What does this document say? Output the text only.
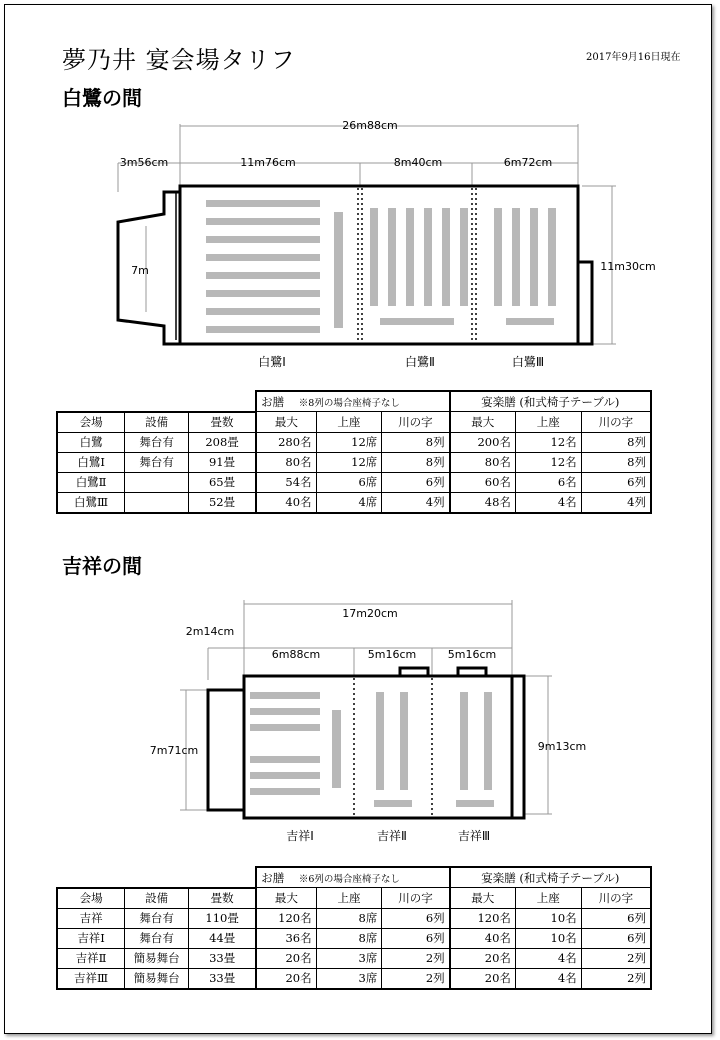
夢乃井 宴会場タリフ	2017年9月16日現在
白鷺の間
26m88cm
3m56cm	11m76cm	8m40cm	6m72cm
7m	11m30cm
白鷺Ⅰ	白鷺Ⅱ	白鷺Ⅲ
			お膳 ※8列の場合座椅子なし			宴楽膳 (和式椅子テーブル)		
会場	設備	畳数	最大	上座	川の字	最大	上座	川の字
白鷺	舞台有	208畳	280名	12席	8列	200名	12名	8列
白鷺Ⅰ	舞台有	91畳	80名	12席	8列	80名	12名	8列
白鷺Ⅱ		65畳	54名	6席	6列	60名	6名	6列
白鷺Ⅲ		52畳	40名	4席	4列	48名	4名	4列
吉祥の間
17m20cm
2m14cm
6m88cm	5m16cm	5m16cm
7m71cm	9m13cm
吉祥Ⅰ	吉祥Ⅱ	吉祥Ⅲ
			お膳 ※6列の場合座椅子なし			宴楽膳 (和式椅子テーブル)		
会場	設備	畳数	最大	上座	川の字	最大	上座	川の字
吉祥	舞台有	110畳	120名	8席	6列	120名	10名	6列
吉祥Ⅰ	舞台有	44畳	36名	8席	6列	40名	10名	6列
吉祥Ⅱ	簡易舞台	33畳	20名	3席	2列	20名	4名	2列
吉祥Ⅲ	簡易舞台	33畳	20名	3席	2列	20名	4名	2列
